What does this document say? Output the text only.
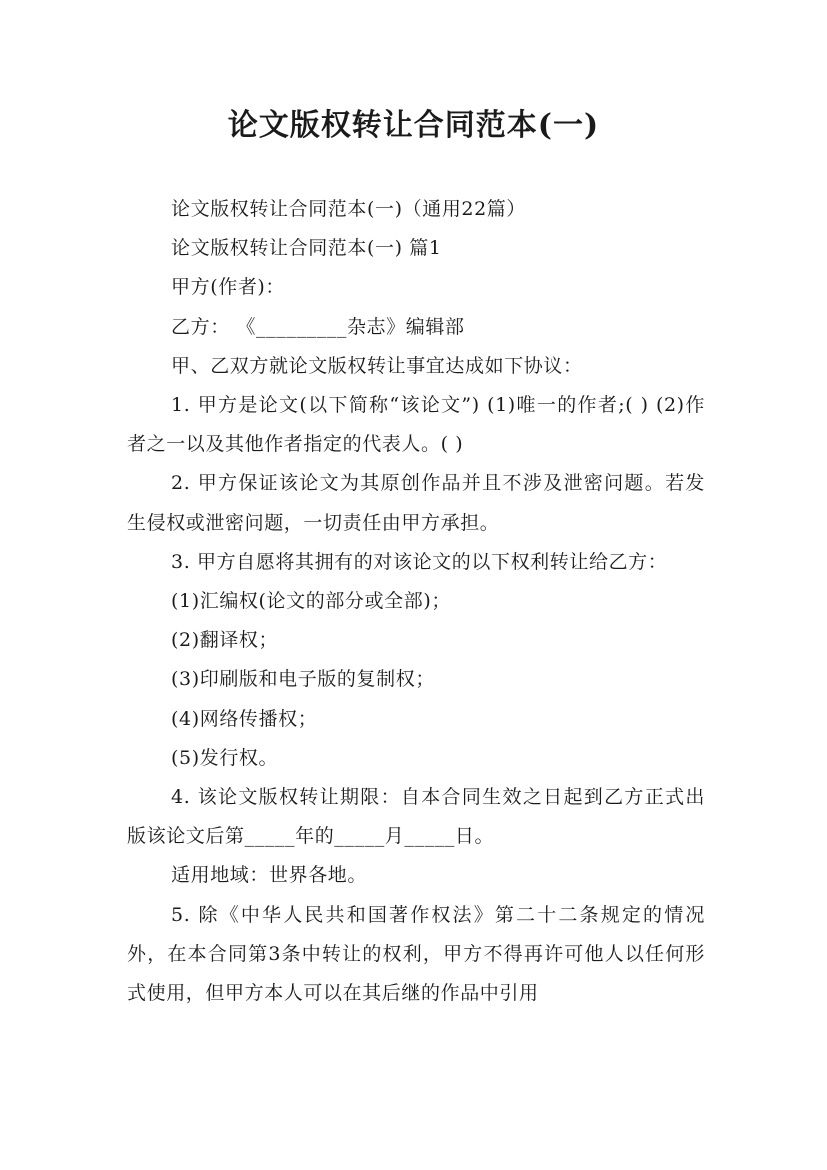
论文版权转让合同范本(一)

论文版权转让合同范本(一)（通用22篇）

论文版权转让合同范本(一) 篇1

甲方(作者)：

乙方： 《_________杂志》编辑部

甲、乙双方就论文版权转让事宜达成如下协议：

1. 甲方是论文(以下简称“该论文”) (1)唯一的作者;( ) (2)作者之一以及其他作者指定的代表人。( )

2. 甲方保证该论文为其原创作品并且不涉及泄密问题。若发生侵权或泄密问题，一切责任由甲方承担。

3. 甲方自愿将其拥有的对该论文的以下权利转让给乙方：

(1)汇编权(论文的部分或全部)；

(2)翻译权；

(3)印刷版和电子版的复制权；

(4)网络传播权；

(5)发行权。

4. 该论文版权转让期限：自本合同生效之日起到乙方正式出版该论文后第_____年的_____月_____日。

适用地域：世界各地。

5. 除《中华人民共和国著作权法》第二十二条规定的情况外，在本合同第3条中转让的权利，甲方不得再许可他人以任何形式使用，但甲方本人可以在其后继的作品中引用
